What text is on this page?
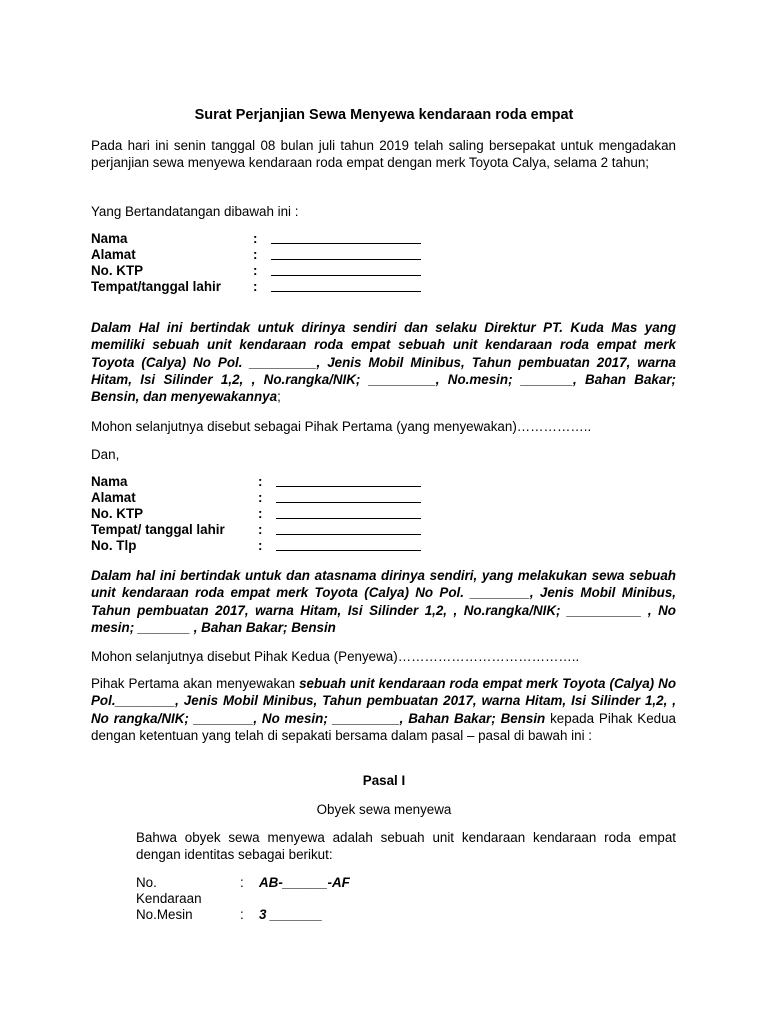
Surat Perjanjian Sewa Menyewa kendaraan roda empat
Pada hari ini senin tanggal 08 bulan juli tahun 2019 telah saling bersepakat untuk mengadakan perjanjian sewa menyewa kendaraan roda empat dengan merk Toyota Calya, selama 2 tahun;
Yang Bertandatangan dibawah ini :
Nama	:	
Alamat	:	
No. KTP	:	
Tempat/tanggal lahir	:	
Dalam Hal ini bertindak untuk dirinya sendiri dan selaku Direktur PT. Kuda Mas yang memiliki sebuah unit kendaraan roda empat sebuah unit kendaraan roda empat merk Toyota (Calya) No Pol. _________, Jenis Mobil Minibus, Tahun pembuatan 2017, warna Hitam, Isi Silinder 1,2, , No.rangka/NIK; _________, No.mesin; _______, Bahan Bakar; Bensin, dan menyewakannya;
Mohon selanjutnya disebut sebagai Pihak Pertama (yang menyewakan)……………..
Dan,
Nama	:	
Alamat	:	
No. KTP	:	
Tempat/ tanggal lahir	:	
No. Tlp	:	
Dalam hal ini bertindak untuk dan atasnama dirinya sendiri, yang melakukan sewa sebuah unit kendaraan roda empat merk Toyota (Calya) No Pol. ________, Jenis Mobil Minibus, Tahun pembuatan 2017, warna Hitam, Isi Silinder 1,2, , No.rangka/NIK; __________ , No mesin; _______ , Bahan Bakar; Bensin
Mohon selanjutnya disebut Pihak Kedua (Penyewa)…………………………………..
Pihak Pertama akan menyewakan sebuah unit kendaraan roda empat merk Toyota (Calya) No Pol.________, Jenis Mobil Minibus, Tahun pembuatan 2017, warna Hitam, Isi Silinder 1,2, , No rangka/NIK; ________, No mesin; _________, Bahan Bakar; Bensin kepada Pihak Kedua dengan ketentuan yang telah di sepakati bersama dalam pasal – pasal di bawah ini :
Pasal I
Obyek sewa menyewa
Bahwa obyek sewa menyewa adalah sebuah unit kendaraan kendaraan roda empat dengan identitas sebagai berikut:
No.	: AB-______-AF
Kendaraan
No.Mesin	: 3 _______
